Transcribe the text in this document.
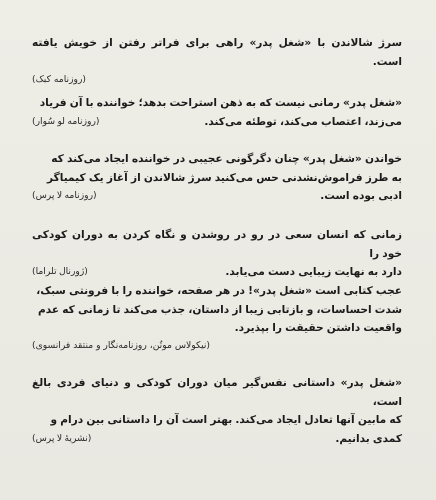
سرژ شالاندن با «شغل پدر» راهی برای فراتر رفتن از خویش یافته است.

(روزنامه کبک)

«شغل پدر» رمانی نیست که به ذهن استراحت بدهد؛ خواننده با آن فریاد

(روزنامه لو سُوار)	می‌زند، اعتصاب می‌کند، توطئه می‌کند.

خواندن «شغل پدر» چنان دگرگونی عجیبی در خواننده ایجاد می‌کند که

به طرز فراموش‌نشدنی حس می‌کنید سرژ شالاندن از آغاز یک کیمیاگر

(روزنامه لا پرس)	ادبی بوده است.

زمانی که انسان سعی در رو در روشدن و نگاه کردن به دوران کودکی خود را

(ژورنال تلراما)	دارد به نهایت زیبایی دست می‌یابد.

عجب کتابی است «شغل پدر»! در هر صفحه، خواننده را با فرونتی سبک،

شدت احساسات، و بازتابی زیبا از داستان، جذب می‌کند تا زمانی که عدم

واقعیت داشتن حقیقت را بپذیرد.

(نیکولاس موتُن، روزنامه‌نگار و منتقد فرانسوی)

«شغل پدر» داستانی نفس‌گیر میان دوران کودکی و دنیای فردی بالغ است،

که مابین آنها تعادل ایجاد می‌کند. بهتر است آن را داستانی بین درام و

(نشریهٔ لا پرس)	کمدی بدانیم.
